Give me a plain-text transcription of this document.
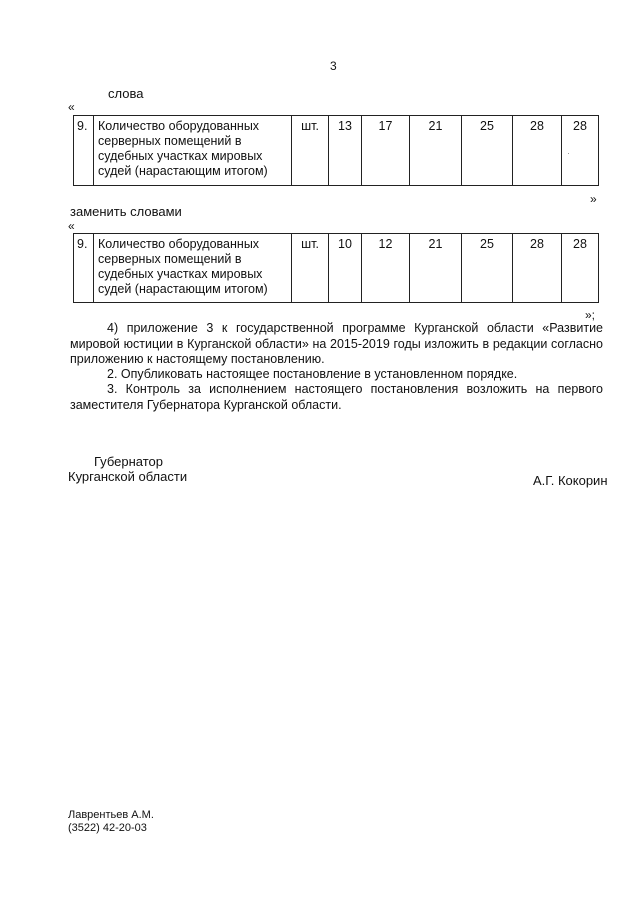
3
слова
«
9.	Количество оборудованных серверных помещений в судебных участках мировых судей (нарастающим итогом)	шт.	13	17	21	25	28	28
»
заменить словами
«
9.	Количество оборудованных серверных помещений в судебных участках мировых судей (нарастающим итогом)	шт.	10	12	21	25	28	28
»;
4) приложение 3 к государственной программе Курганской области «Развитие мировой юстиции в Курганской области» на 2015-2019 годы изложить в редакции согласно приложению к настоящему постановлению.
2. Опубликовать настоящее постановление в установленном порядке.
3. Контроль за исполнением настоящего постановления возложить на первого заместителя Губернатора Курганской области.
Губернатор
Курганской области	А.Г. Кокорин
Лаврентьев А.М.
(3522) 42-20-03
